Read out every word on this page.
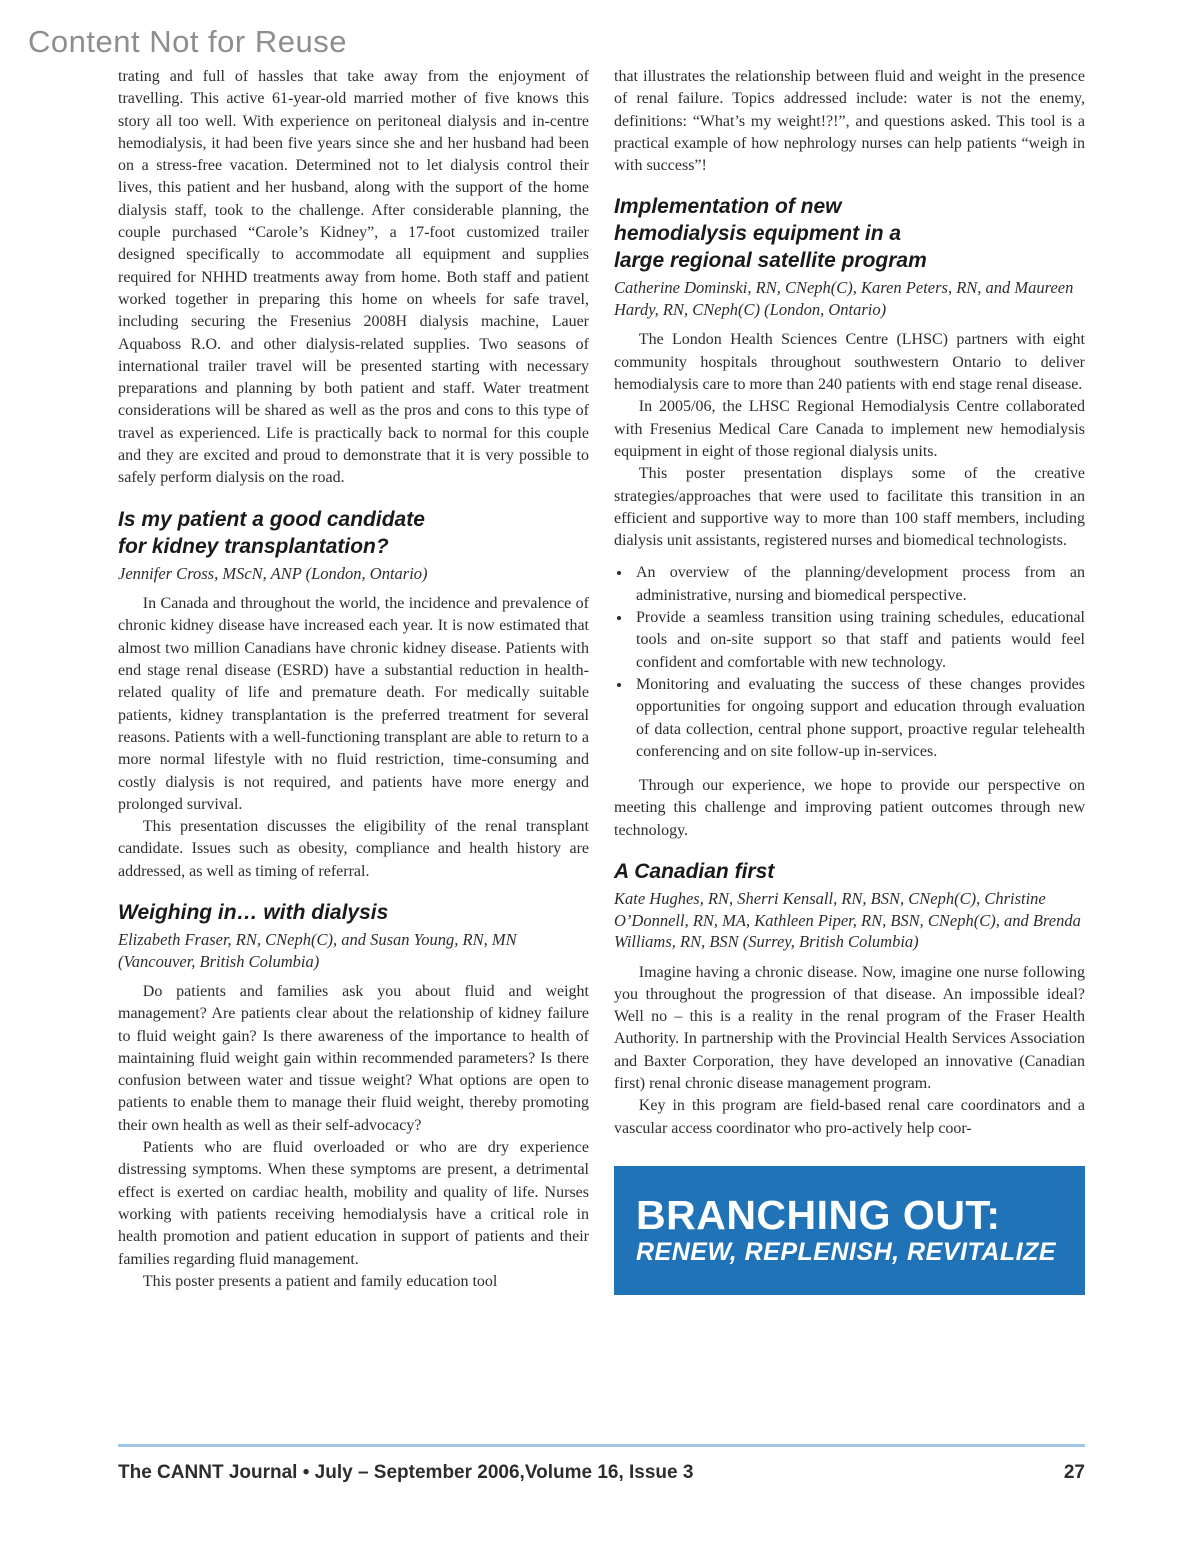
Content Not for Reuse

trating and full of hassles that take away from the enjoyment of travelling. This active 61-year-old married mother of five knows this story all too well. With experience on peritoneal dialysis and in-centre hemodialysis, it had been five years since she and her husband had been on a stress-free vacation. Determined not to let dialysis control their lives, this patient and her husband, along with the support of the home dialysis staff, took to the challenge. After considerable planning, the couple purchased “Carole’s Kidney”, a 17-foot customized trailer designed specifically to accommodate all equipment and supplies required for NHHD treatments away from home. Both staff and patient worked together in preparing this home on wheels for safe travel, including securing the Fresenius 2008H dialysis machine, Lauer Aquaboss R.O. and other dialysis-related supplies. Two seasons of international trailer travel will be presented starting with necessary preparations and planning by both patient and staff. Water treatment considerations will be shared as well as the pros and cons to this type of travel as experienced. Life is practically back to normal for this couple and they are excited and proud to demonstrate that it is very possible to safely perform dialysis on the road.

Is my patient a good candidate
for kidney transplantation?

Jennifer Cross, MScN, ANP (London, Ontario)

In Canada and throughout the world, the incidence and prevalence of chronic kidney disease have increased each year. It is now estimated that almost two million Canadians have chronic kidney disease. Patients with end stage renal disease (ESRD) have a substantial reduction in health-related quality of life and premature death. For medically suitable patients, kidney transplantation is the preferred treatment for several reasons. Patients with a well-functioning transplant are able to return to a more normal lifestyle with no fluid restriction, time-consuming and costly dialysis is not required, and patients have more energy and prolonged survival.

This presentation discusses the eligibility of the renal transplant candidate. Issues such as obesity, compliance and health history are addressed, as well as timing of referral.

Weighing in… with dialysis

Elizabeth Fraser, RN, CNeph(C), and Susan Young, RN, MN (Vancouver, British Columbia)

Do patients and families ask you about fluid and weight management? Are patients clear about the relationship of kidney failure to fluid weight gain? Is there awareness of the importance to health of maintaining fluid weight gain within recommended parameters? Is there confusion between water and tissue weight? What options are open to patients to enable them to manage their fluid weight, thereby promoting their own health as well as their self-advocacy?

Patients who are fluid overloaded or who are dry experience distressing symptoms. When these symptoms are present, a detrimental effect is exerted on cardiac health, mobility and quality of life. Nurses working with patients receiving hemodialysis have a critical role in health promotion and patient education in support of patients and their families regarding fluid management.

This poster presents a patient and family education tool

that illustrates the relationship between fluid and weight in the presence of renal failure. Topics addressed include: water is not the enemy, definitions: “What’s my weight!?!”, and questions asked. This tool is a practical example of how nephrology nurses can help patients “weigh in with success”!

Implementation of new
hemodialysis equipment in a
large regional satellite program

Catherine Dominski, RN, CNeph(C), Karen Peters, RN, and Maureen Hardy, RN, CNeph(C) (London, Ontario)

The London Health Sciences Centre (LHSC) partners with eight community hospitals throughout southwestern Ontario to deliver hemodialysis care to more than 240 patients with end stage renal disease.

In 2005/06, the LHSC Regional Hemodialysis Centre collaborated with Fresenius Medical Care Canada to implement new hemodialysis equipment in eight of those regional dialysis units.

This poster presentation displays some of the creative strategies/approaches that were used to facilitate this transition in an efficient and supportive way to more than 100 staff members, including dialysis unit assistants, registered nurses and biomedical technologists.

• An overview of the planning/development process from an administrative, nursing and biomedical perspective.
• Provide a seamless transition using training schedules, educational tools and on-site support so that staff and patients would feel confident and comfortable with new technology.
• Monitoring and evaluating the success of these changes provides opportunities for ongoing support and education through evaluation of data collection, central phone support, proactive regular telehealth conferencing and on site follow-up in-services.

Through our experience, we hope to provide our perspective on meeting this challenge and improving patient outcomes through new technology.

A Canadian first

Kate Hughes, RN, Sherri Kensall, RN, BSN, CNeph(C), Christine O’Donnell, RN, MA, Kathleen Piper, RN, BSN, CNeph(C), and Brenda Williams, RN, BSN (Surrey, British Columbia)

Imagine having a chronic disease. Now, imagine one nurse following you throughout the progression of that disease. An impossible ideal? Well no – this is a reality in the renal program of the Fraser Health Authority. In partnership with the Provincial Health Services Association and Baxter Corporation, they have developed an innovative (Canadian first) renal chronic disease management program.

Key in this program are field-based renal care coordinators and a vascular access coordinator who pro-actively help coor-

BRANCHING OUT:
RENEW, REPLENISH, REVITALIZE
The CANNT Journal • July – September 2006,Volume 16, Issue 3	27
